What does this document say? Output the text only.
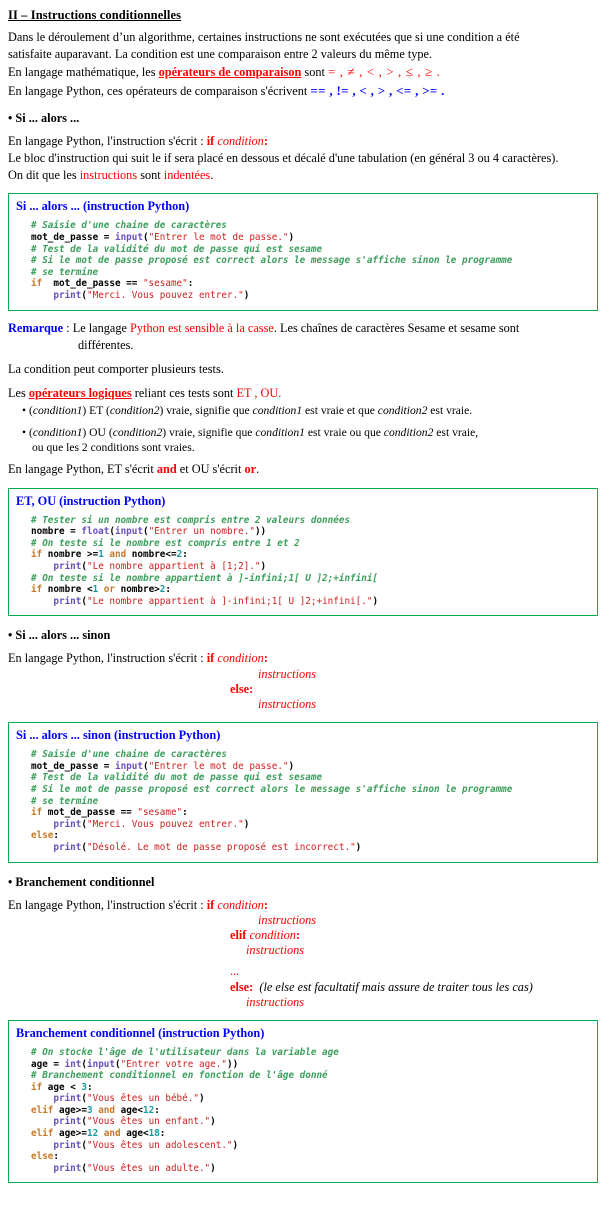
II – Instructions conditionnelles
Dans le déroulement d’un algorithme, certaines instructions ne sont exécutées que si une condition a été
satisfaite auparavant. La condition est une comparaison entre 2 valeurs du même type.
En langage mathématique, les opérateurs de comparaison sont = , ≠ , < , > , ≤ , ≥ .
En langage Python, ces opérateurs de comparaison s'écrivent == , != , < , > , <= , >= .
• Si ... alors ...
En langage Python, l'instruction s'écrit : if condition:
Le bloc d'instruction qui suit le if sera placé en dessous et décalé d'une tabulation (en général 3 ou 4 caractères).
On dit que les instructions sont indentées.
Si ... alors ... (instruction Python)
# Saisie d'une chaine de caractères
mot_de_passe = input("Entrer le mot de passe.")
# Test de la validité du mot de passe qui est sesame
# Si le mot de passe proposé est correct alors le message s'affiche sinon le programme
# se termine
if  mot_de_passe == "sesame":
print("Merci. Vous pouvez entrer.")
Remarque : Le langage Python est sensible à la casse. Les chaînes de caractères Sesame et sesame sont
différentes.
La condition peut comporter plusieurs tests.
Les opérateurs logiques reliant ces tests sont ET , OU.
• (condition1) ET (condition2) vraie, signifie que condition1 est vraie et que condition2 est vraie.
• (condition1) OU (condition2) vraie, signifie que condition1 est vraie ou que condition2 est vraie,
ou que les 2 conditions sont vraies.
En langage Python, ET s'écrit and et OU s'écrit or.
ET, OU (instruction Python)
# Tester si un nombre est compris entre 2 valeurs données
nombre = float(input("Entrer un nombre."))
# On teste si le nombre est compris entre 1 et 2
if nombre >=1 and nombre<=2:
print("Le nombre appartient à [1;2].")
# On teste si le nombre appartient à ]-infini;1[ U ]2;+infini[
if nombre <1 or nombre>2:
print("Le nombre appartient à ]-infini;1[ U ]2;+infini[.")
• Si ... alors ... sinon
En langage Python, l'instruction s'écrit : if condition:
instructions
else:
instructions
Si ... alors ... sinon (instruction Python)
# Saisie d'une chaine de caractères
mot_de_passe = input("Entrer le mot de passe.")
# Test de la validité du mot de passe qui est sesame
# Si le mot de passe proposé est correct alors le message s'affiche sinon le programme
# se termine
if mot_de_passe == "sesame":
print("Merci. Vous pouvez entrer.")
else:
print("Désolé. Le mot de passe proposé est incorrect.")
• Branchement conditionnel
En langage Python, l'instruction s'écrit : if condition:
instructions
elif condition:
instructions
...
else: (le else est facultatif mais assure de traiter tous les cas)
instructions
Branchement conditionnel (instruction Python)
# On stocke l'âge de l'utilisateur dans la variable age
age = int(input("Entrer votre age."))
# Branchement conditionnel en fonction de l'âge donné
if age < 3:
print("Vous êtes un bébé.")
elif age>=3 and age<12:
print("Vous êtes un enfant.")
elif age>=12 and age<18:
print("Vous êtes un adolescent.")
else:
print("Vous êtes un adulte.")
